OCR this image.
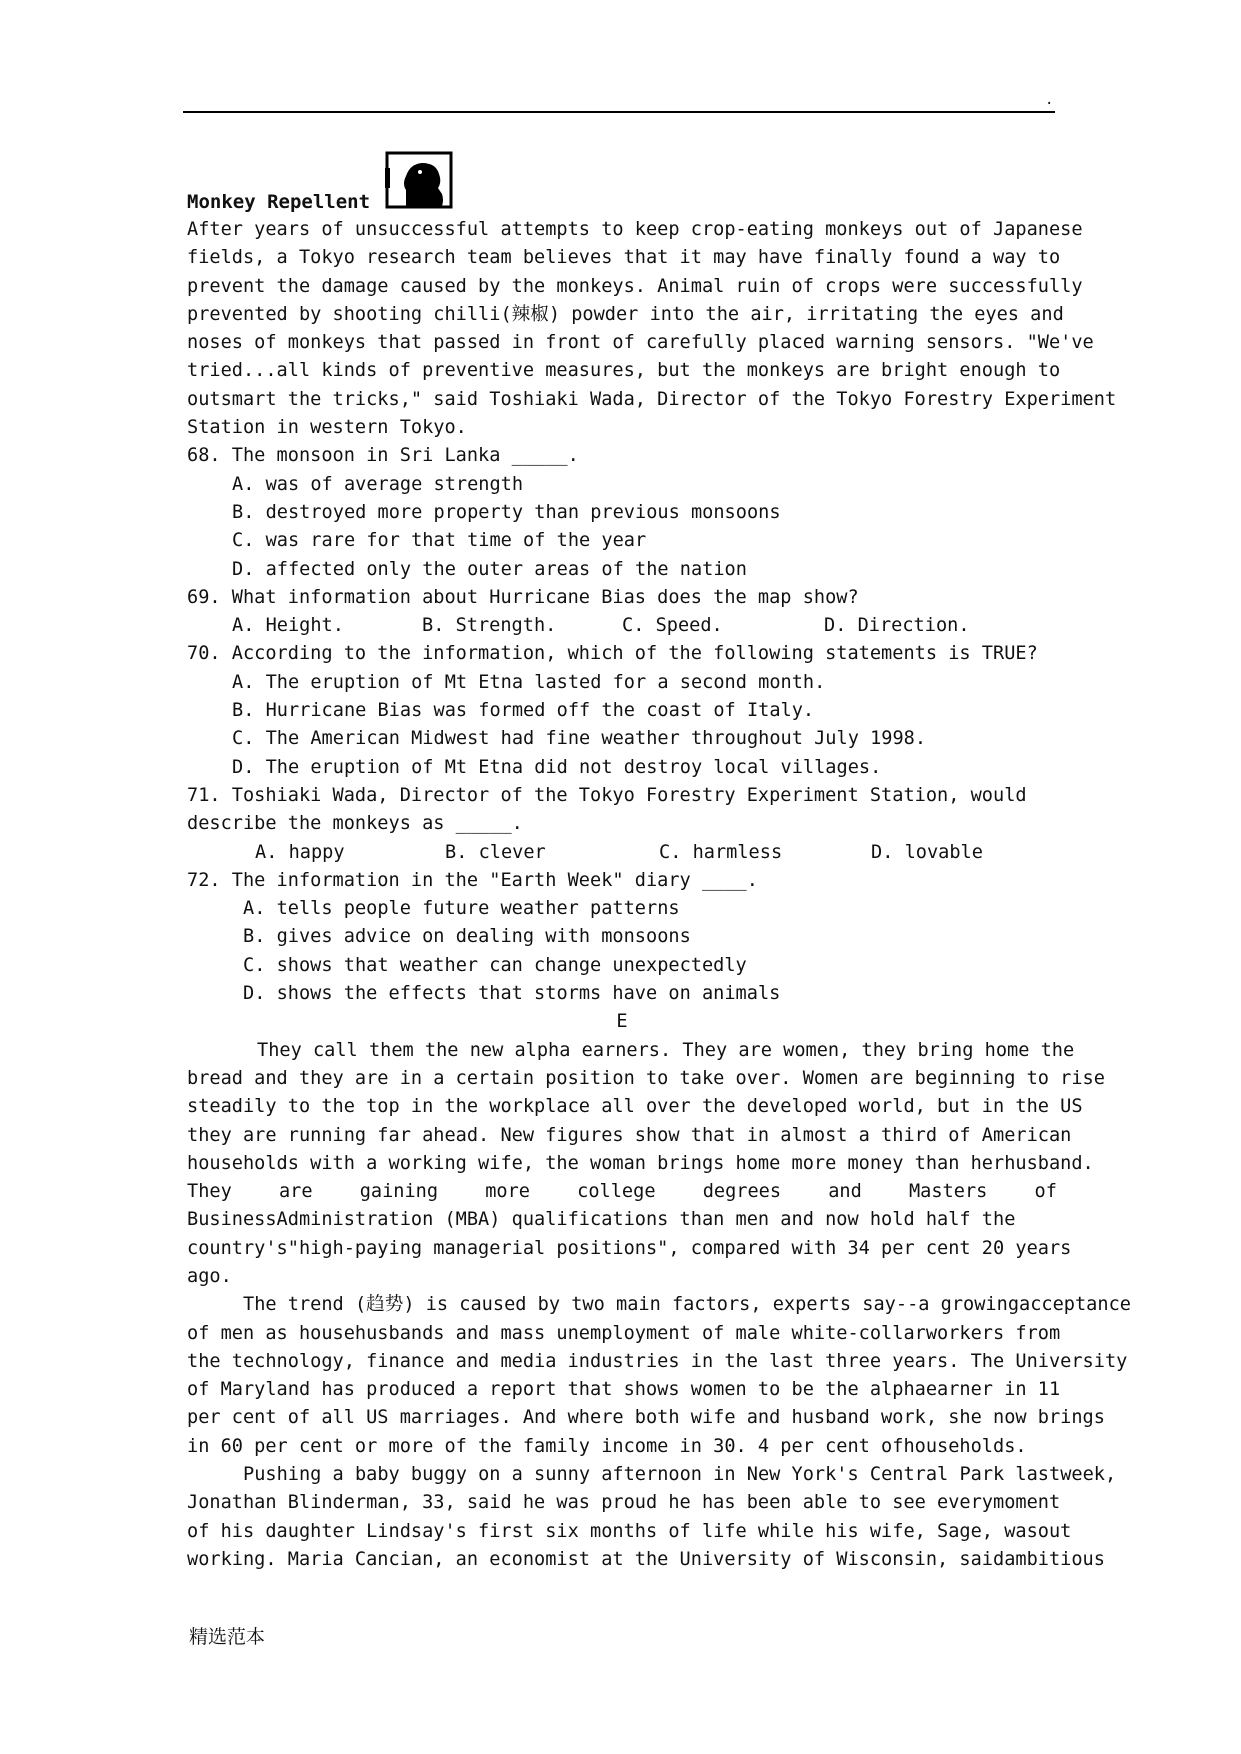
.
Monkey Repellent
After years of unsuccessful attempts to keep crop-eating monkeys out of Japanese
fields, a Tokyo research team believes that it may have finally found a way to
prevent the damage caused by the monkeys. Animal ruin of crops were successfully
prevented by shooting chilli(辣椒) powder into the air, irritating the eyes and
noses of monkeys that passed in front of carefully placed warning sensors. "We've
tried...all kinds of preventive measures, but the monkeys are bright enough to
outsmart the tricks," said Toshiaki Wada, Director of the Tokyo Forestry Experiment
Station in western Tokyo.
68. The monsoon in Sri Lanka _____.
A. was of average strength
B. destroyed more property than previous monsoons
C. was rare for that time of the year
D. affected only the outer areas of the nation
69. What information about Hurricane Bias does the map show?
A. Height.	B. Strength.	C. Speed.	D. Direction.
70. According to the information, which of the following statements is TRUE?
A. The eruption of Mt Etna lasted for a second month.
B. Hurricane Bias was formed off the coast of Italy.
C. The American Midwest had fine weather throughout July 1998.
D. The eruption of Mt Etna did not destroy local villages.
71. Toshiaki Wada, Director of the Tokyo Forestry Experiment Station, would
describe the monkeys as _____.
A. happy	B. clever	C. harmless	D. lovable
72. The information in the "Earth Week" diary ____.
A. tells people future weather patterns
B. gives advice on dealing with monsoons
C. shows that weather can change unexpectedly
D. shows the effects that storms have on animals
E
They call them the new alpha earners. They are women, they bring home the
bread and they are in a certain position to take over. Women are beginning to rise
steadily to the top in the workplace all over the developed world, but in the US
they are running far ahead. New figures show that in almost a third of American
households with a working wife, the woman brings home more money than herhusband.
They	are	gaining	more	college	degrees	and	Masters	of
BusinessAdministration (MBA) qualifications than men and now hold half the
country's"high-paying managerial positions", compared with 34 per cent 20 years
ago.
The trend (趋势) is caused by two main factors, experts say--a growingacceptance
of men as househusbands and mass unemployment of male white-collarworkers from
the technology, finance and media industries in the last three years. The University
of Maryland has produced a report that shows women to be the alphaearner in 11
per cent of all US marriages. And where both wife and husband work, she now brings
in 60 per cent or more of the family income in 30. 4 per cent ofhouseholds.
Pushing a baby buggy on a sunny afternoon in New York's Central Park lastweek,
Jonathan Blinderman, 33, said he was proud he has been able to see everymoment
of his daughter Lindsay's first six months of life while his wife, Sage, wasout
working. Maria Cancian, an economist at the University of Wisconsin, saidambitious
精选范本
